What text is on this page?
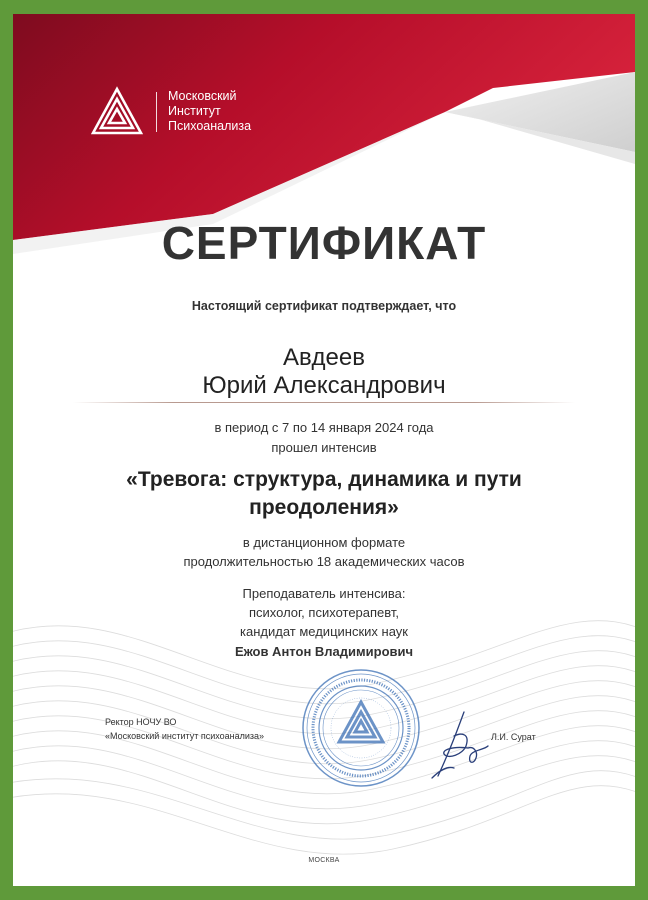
Московский
Институт
Психоанализа
СЕРТИФИКАТ
Настоящий сертификат подтверждает, что
Авдеев
Юрий Александрович
в период с 7 по 14 января 2024 года
прошел интенсив
«Тревога: структура, динамика и пути преодоления»
в дистанционном формате
продолжительностью 18 академических часов
Преподаватель интенсива:
психолог, психотерапевт,
кандидат медицинских наук
Ежов Антон Владимирович
Ректор НОЧУ ВО
«Московский институт психоанализа»	Л.И. Сурат
МОСКВА
